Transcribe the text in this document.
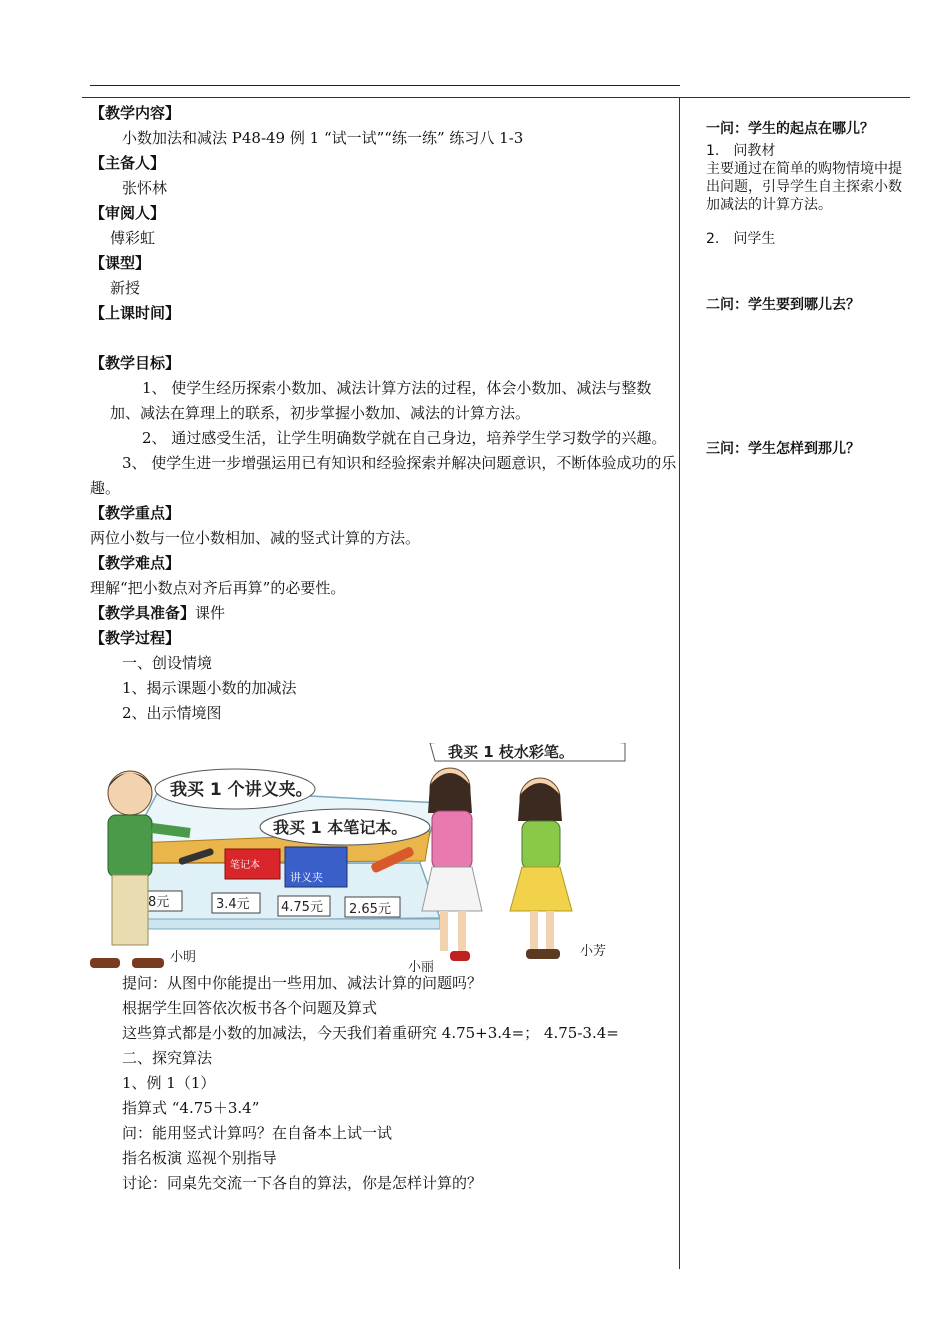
【教学内容】
小数加法和减法 P48-49 例 1 “试一试”“练一练” 练习八 1-3
【主备人】
张怀林
【审阅人】
傅彩虹
【课型】
新授
【上课时间】
【教学目标】
1、 使学生经历探索小数加、减法计算方法的过程，体会小数加、减法与整数加、减法在算理上的联系，初步掌握小数加、减法的计算方法。
2、 通过感受生活，让学生明确数学就在自己身边，培养学生学习数学的兴趣。
3、 使学生进一步增强运用已有知识和经验探索并解决问题意识，不断体验成功的乐趣。
【教学重点】
两位小数与一位小数相加、减的竖式计算的方法。
【教学难点】
理解“把小数点对齐后再算”的必要性。
【教学具准备】课件
【教学过程】
一、创设情境
1、揭示课题小数的加减法
2、出示情境图
提问：从图中你能提出一些用加、减法计算的问题吗？
根据学生回答依次板书各个问题及算式
这些算式都是小数的加减法，今天我们着重研究 4.75+3.4=； 4.75-3.4=
二、探究算法
1、例 1（1）
指算式 “4.75＋3.4”
问：能用竖式计算吗？在自备本上试一试
指名板演 巡视个别指导
讨论：同桌先交流一下各自的算法，你是怎样计算的？
我买 1 个讲义夹。
我买 1 本笔记本。
我买 1 枝水彩笔。
笔记本
讲义夹
8元	3.4元 4.75元 2.65元
小明
小丽
小芳
一问：学生的起点在哪儿？
1.　问教材
主要通过在简单的购物情境中提出问题，引导学生自主探索小数加减法的计算方法。
2.　问学生
二问：学生要到哪儿去？
三问：学生怎样到那儿？
